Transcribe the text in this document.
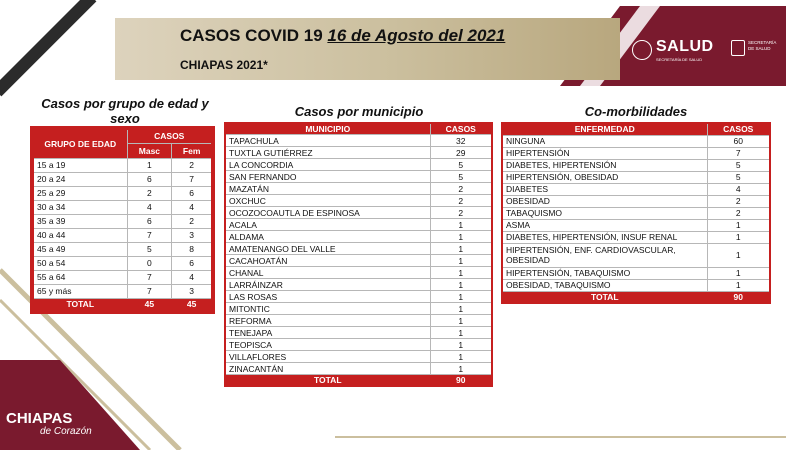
CASOS COVID 19 16 de Agosto del 2021
CHIAPAS 2021*
SALUD
SECRETARÍA DE SALUD
SECRETARÍA DE SALUD
Casos por grupo de edad y sexo
GRUPO DE EDAD	CASOS	
	Masc	Fem
15 a 19	1	2
20 a 24	6	7
25 a 29	2	6
30 a 34	4	4
35 a 39	6	2
40 a 44	7	3
45 a 49	5	8
50 a 54	0	6
55 a 64	7	4
65 y más	7	3
TOTAL	45	45
Casos por municipio
MUNICIPIO	CASOS
TAPACHULA	32
TUXTLA GUTIÉRREZ	29
LA CONCORDIA	5
SAN FERNANDO	5
MAZATÁN	2
OXCHUC	2
OCOZOCOAUTLA DE ESPINOSA	2
ACALA	1
ALDAMA	1
AMATENANGO DEL VALLE	1
CACAHOATÁN	1
CHANAL	1
LARRÁINZAR	1
LAS ROSAS	1
MITONTIC	1
REFORMA	1
TENEJAPA	1
TEOPISCA	1
VILLAFLORES	1
ZINACANTÁN	1
TOTAL	90
Co-morbilidades
ENFERMEDAD	CASOS
NINGUNA	60
HIPERTENSIÓN	7
DIABETES, HIPERTENSIÓN	5
HIPERTENSIÓN, OBESIDAD	5
DIABETES	4
OBESIDAD	2
TABAQUISMO	2
ASMA	1
DIABETES, HIPERTENSIÓN, INSUF RENAL	1
HIPERTENSIÓN, ENF. CARDIOVASCULAR, OBESIDAD	1
HIPERTENSIÓN, TABAQUISMO	1
OBESIDAD, TABAQUISMO	1
TOTAL	90
CHIAPAS
de Corazón
